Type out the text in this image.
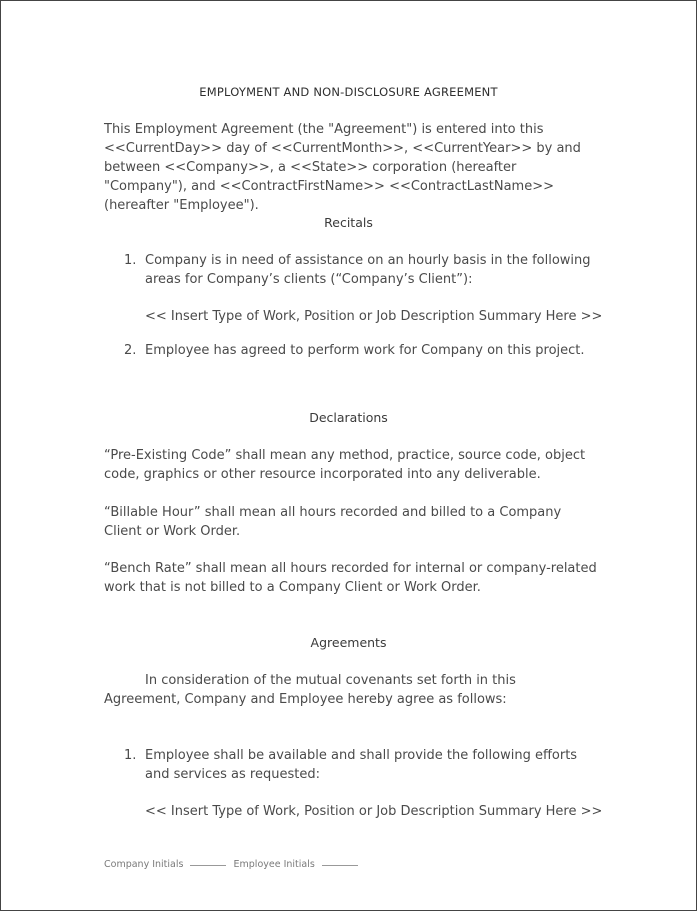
EMPLOYMENT AND NON-DISCLOSURE AGREEMENT

This Employment Agreement (the "Agreement") is entered into this <<CurrentDay>> day of <<CurrentMonth>>, <<CurrentYear>> by and between <<Company>>, a <<State>> corporation (hereafter "Company"), and <<ContractFirstName>> <<ContractLastName>> (hereafter "Employee").

Recitals
1. Company is in need of assistance on an hourly basis in the following areas for Company’s clients (“Company’s Client”):
<< Insert Type of Work, Position or Job Description Summary Here >>
2. Employee has agreed to perform work for Company on this project.
Declarations

“Pre-Existing Code” shall mean any method, practice, source code, object code, graphics or other resource incorporated into any deliverable.

“Billable Hour” shall mean all hours recorded and billed to a Company Client or Work Order.

“Bench Rate” shall mean all hours recorded for internal or company-related work that is not billed to a Company Client or Work Order.

Agreements

In consideration of the mutual covenants set forth in this Agreement, Company and Employee hereby agree as follows:

1. Employee shall be available and shall provide the following efforts and services as requested:
<< Insert Type of Work, Position or Job Description Summary Here >>
Company Initials	Employee Initials
